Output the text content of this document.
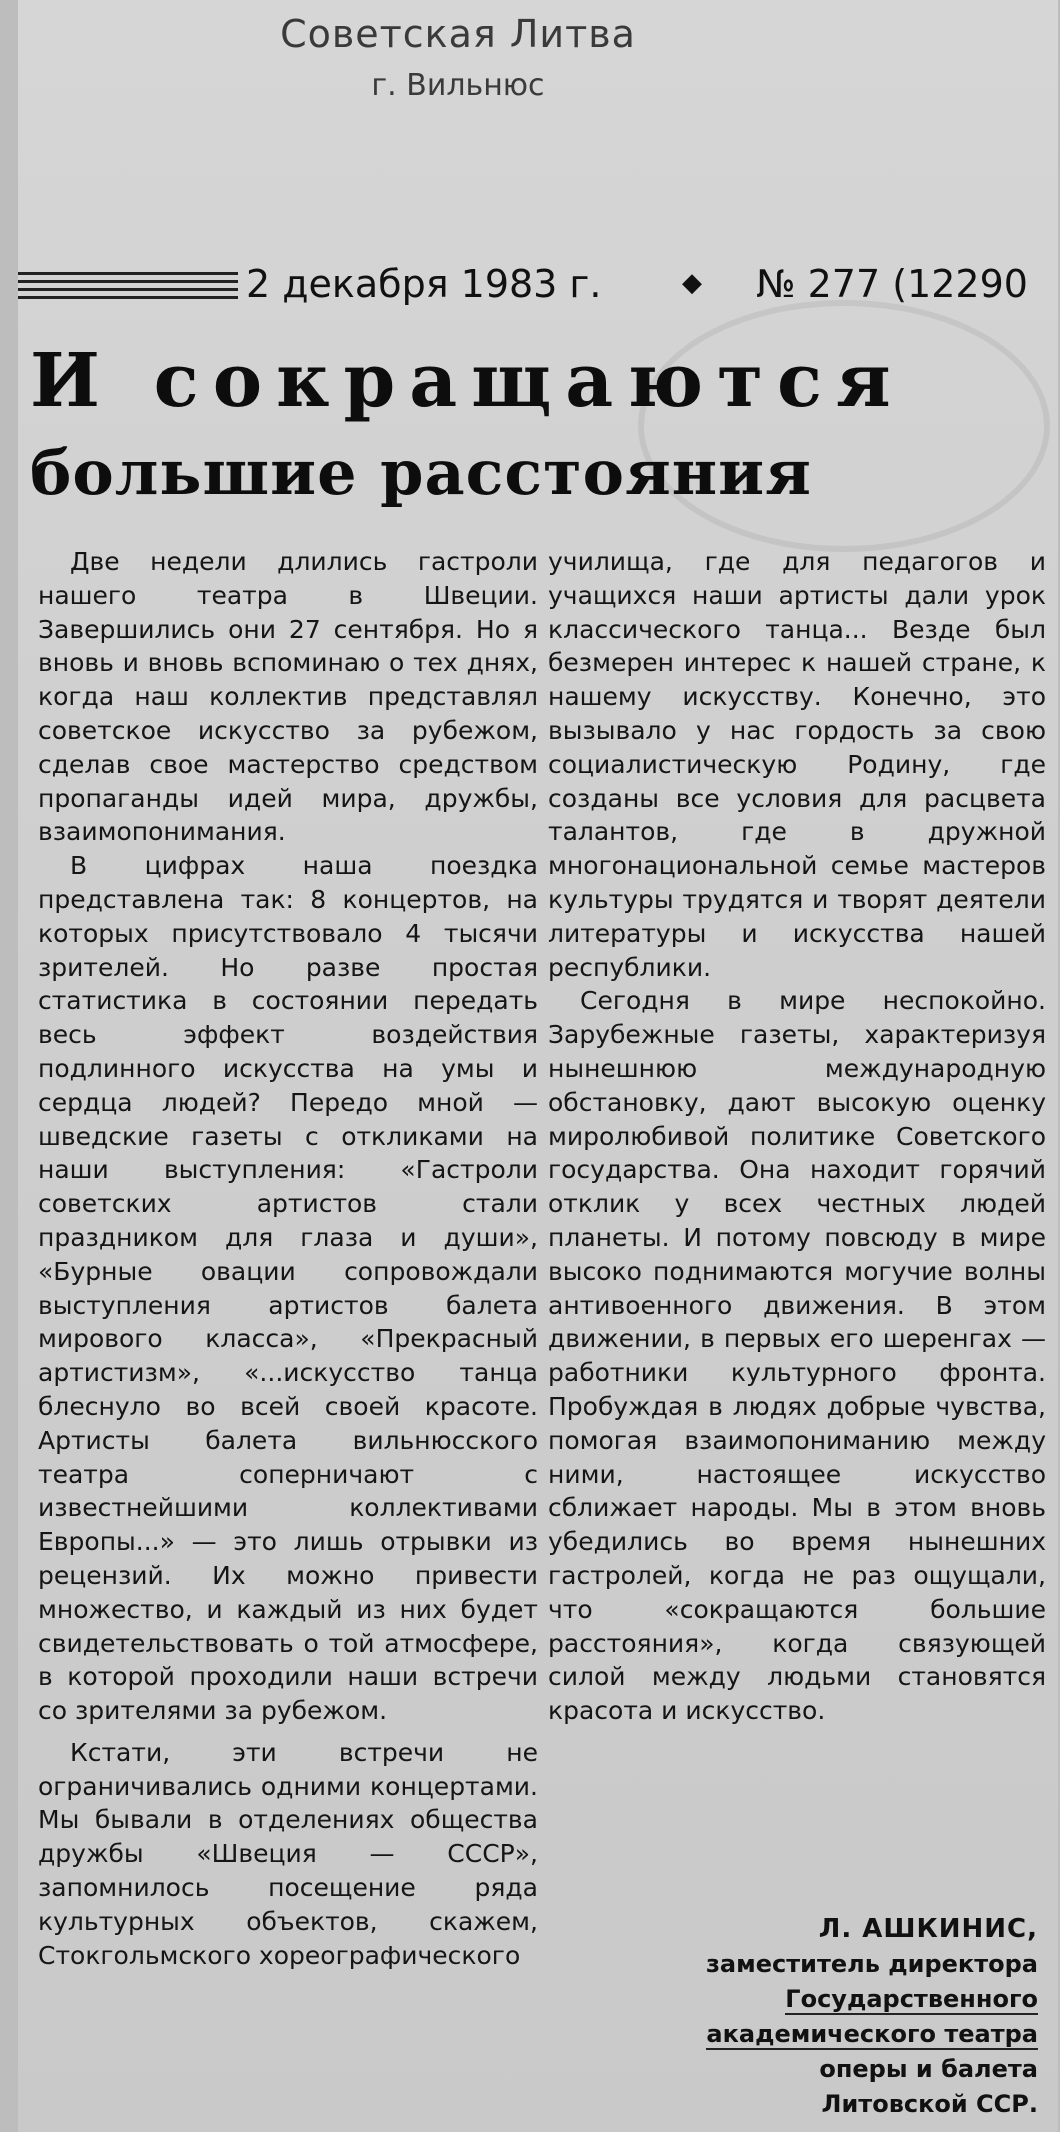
Советская Литва
г. Вильнюс
2 декабря 1983 г.	◆ № 277 (12290
И сокращаются
большие расстояния

Две недели длились гастроли нашего театра в Швеции. Завершились они 27 сентября. Но я вновь и вновь вспоминаю о тех днях, когда наш коллектив представлял советское искусство за рубежом, сделав свое мастерство средством пропаганды идей мира, дружбы, взаимопонимания.

В цифрах наша поездка представлена так: 8 концертов, на которых присутствовало 4 тысячи зрителей. Но разве простая статистика в состоянии передать весь эффект воздействия подлинного искусства на умы и сердца людей? Передо мной — шведские газеты с откликами на наши выступления: «Гастроли советских артистов стали праздником для глаза и души», «Бурные овации сопровождали выступления артистов балета мирового класса», «Прекрасный артистизм», «...искусство танца блеснуло во всей своей красоте. Артисты балета вильнюсского театра соперничают с известнейшими коллективами Европы...» — это лишь отрывки из рецензий. Их можно привести множество, и каждый из них будет свидетельствовать о той атмосфере, в которой проходили наши встречи со зрителями за рубежом.

Кстати, эти встречи не ограничивались одними концертами. Мы бывали в отделениях общества дружбы «Швеция — СССР», запомнилось посещение ряда культурных объектов, скажем, Стокгольмского хореографического

училища, где для педагогов и учащихся наши артисты дали урок классического танца... Везде был безмерен интерес к нашей стране, к нашему искусству. Конечно, это вызывало у нас гордость за свою социалистическую Родину, где созданы все условия для расцвета талантов, где в дружной многонациональной семье мастеров культуры трудятся и творят деятели литературы и искусства нашей республики.

Сегодня в мире неспокойно. Зарубежные газеты, характеризуя нынешнюю международную обстановку, дают высокую оценку миролюбивой политике Советского государства. Она находит горячий отклик у всех честных людей планеты. И потому повсюду в мире высоко поднимаются могучие волны антивоенного движения. В этом движении, в первых его шеренгах — работники культурного фронта. Пробуждая в людях добрые чувства, помогая взаимопониманию между ними, настоящее искусство сближает народы. Мы в этом вновь убедились во время нынешних гастролей, когда не раз ощущали, что «сокращаются большие расстояния», когда связующей силой между людьми становятся красота и искусство.

Л. АШКИНИС,
заместитель директора
Государственного
академического театра
оперы и балета
Литовской ССР.
